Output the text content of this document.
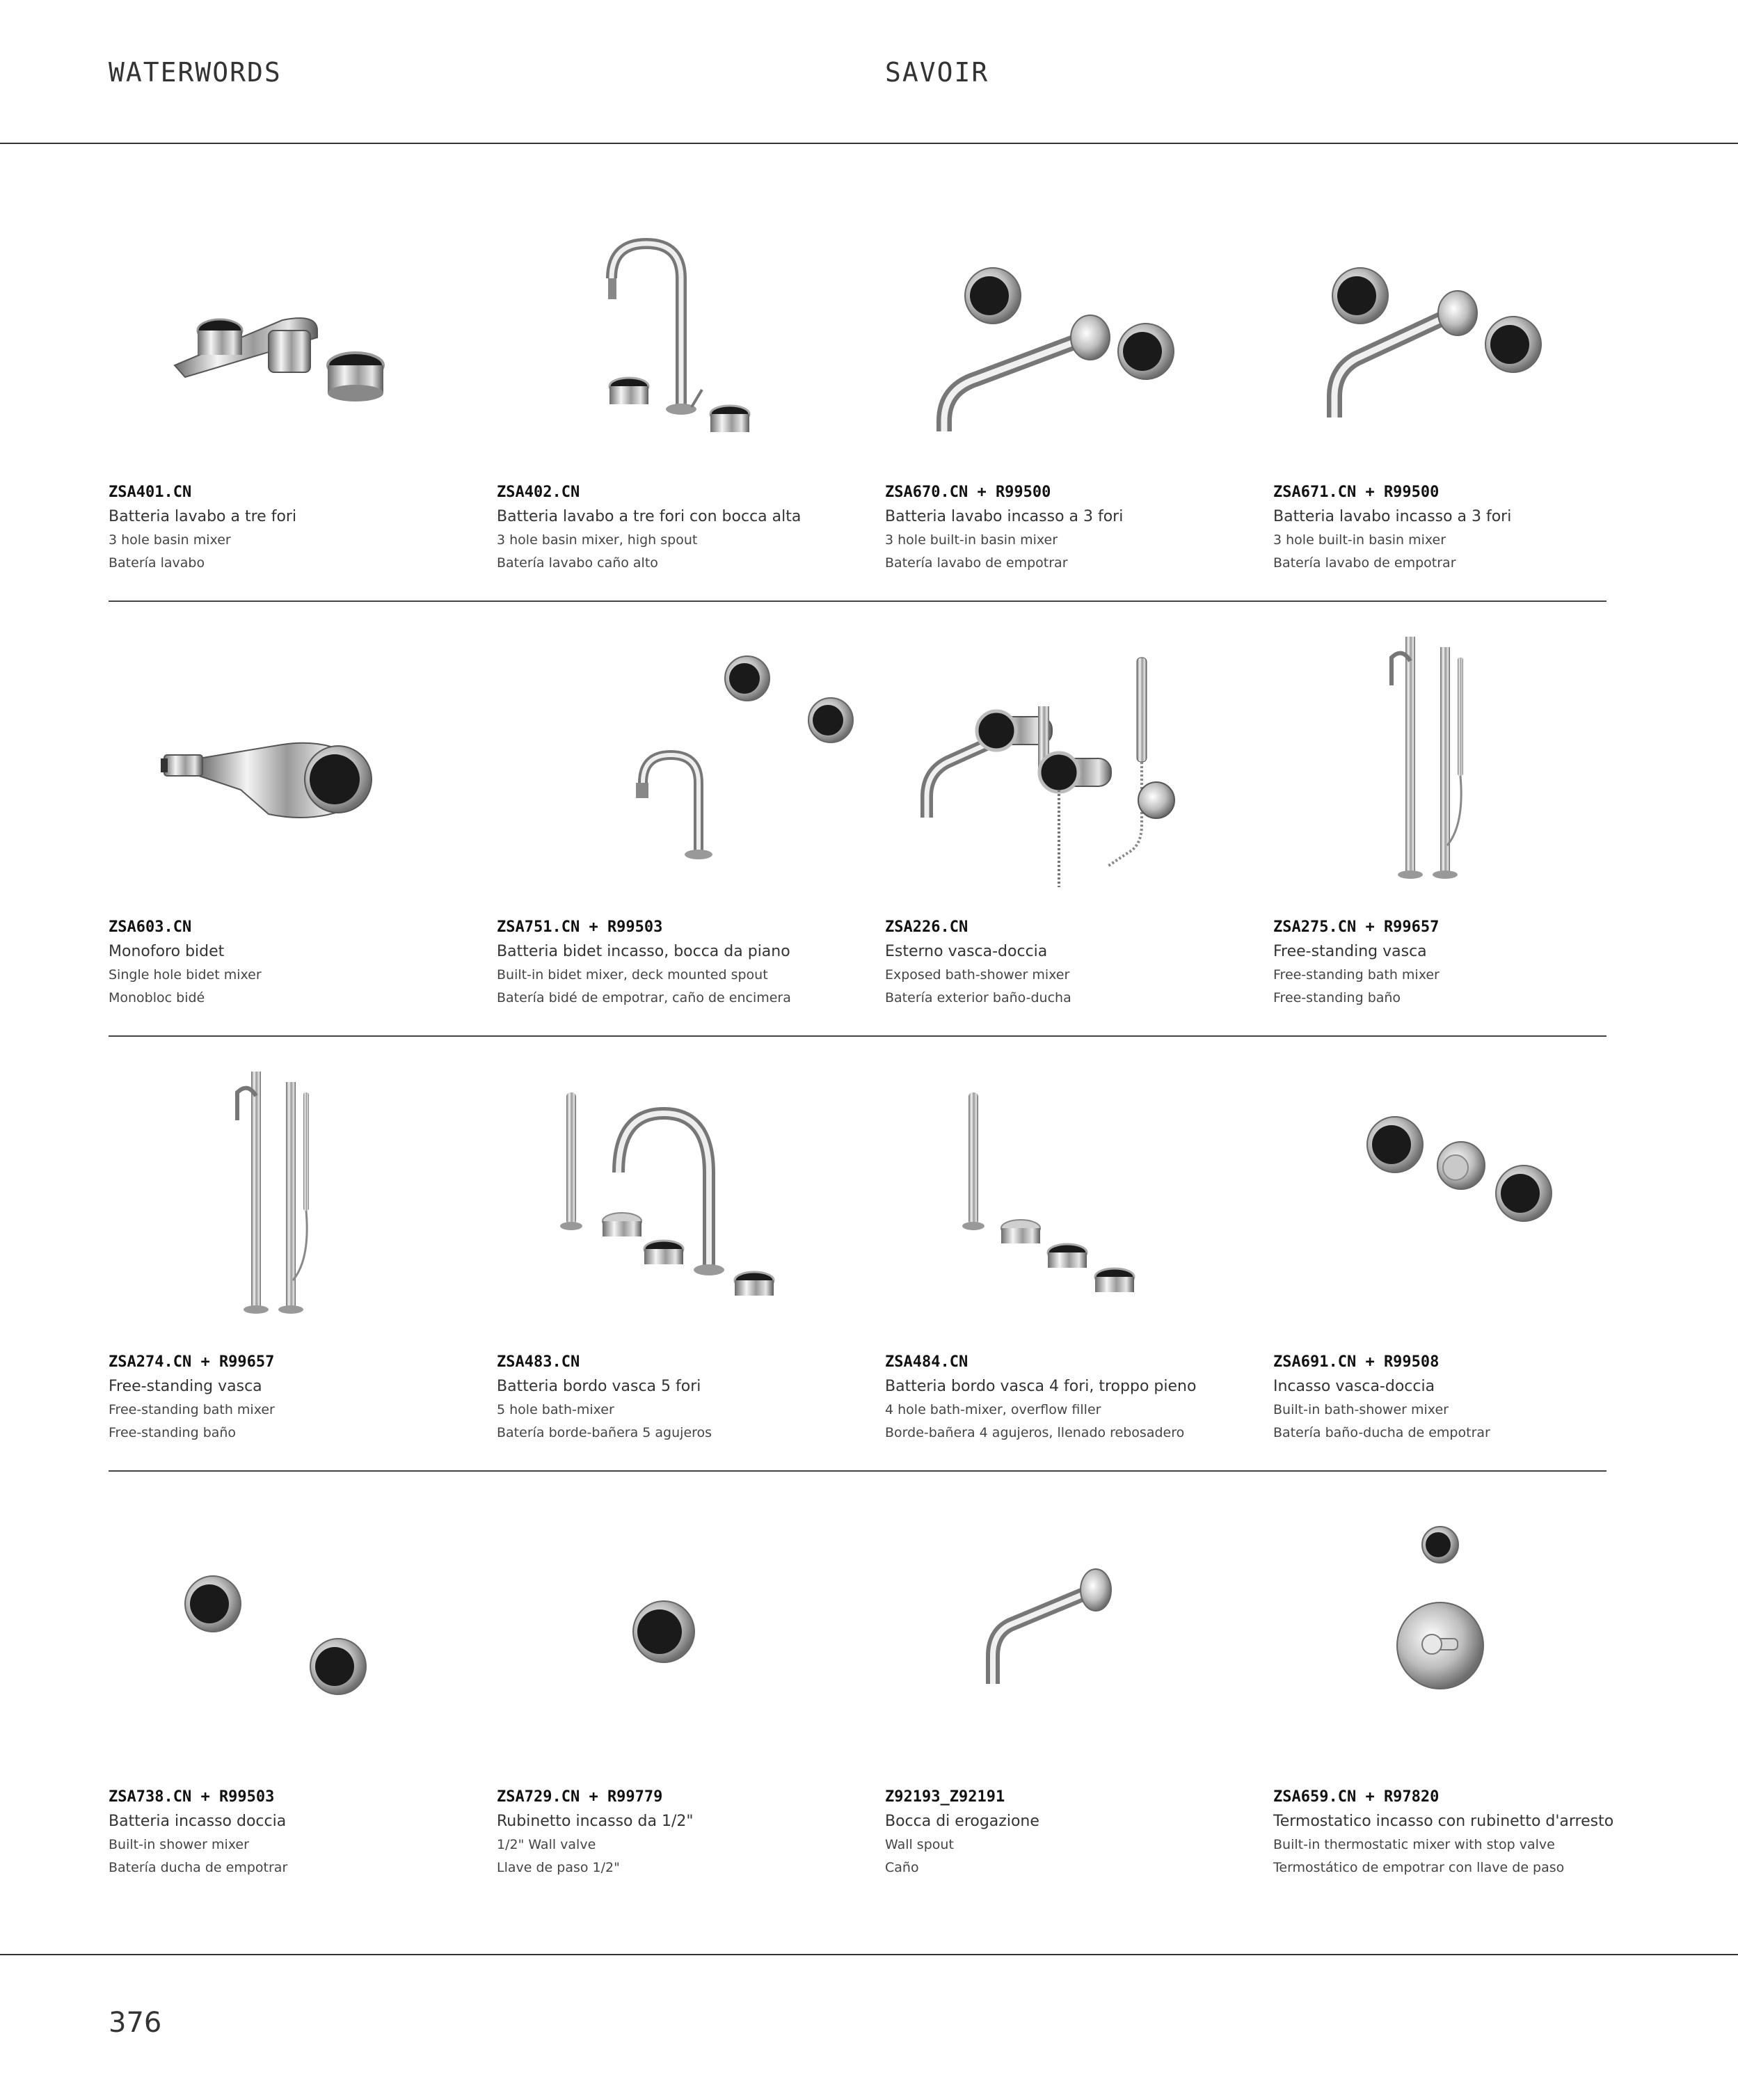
WATERWORDS	SAVOIR
ZSA401.CN
Batteria lavabo a tre fori
3 hole basin mixer
Batería lavabo
ZSA402.CN
Batteria lavabo a tre fori con bocca alta
3 hole basin mixer, high spout
Batería lavabo caño alto
ZSA670.CN + R99500
Batteria lavabo incasso a 3 fori
3 hole built-in basin mixer
Batería lavabo de empotrar
ZSA671.CN + R99500
Batteria lavabo incasso a 3 fori
3 hole built-in basin mixer
Batería lavabo de empotrar
ZSA603.CN
Monoforo bidet
Single hole bidet mixer
Monobloc bidé
ZSA751.CN + R99503
Batteria bidet incasso, bocca da piano
Built-in bidet mixer, deck mounted spout
Batería bidé de empotrar, caño de encimera
ZSA226.CN
Esterno vasca-doccia
Exposed bath-shower mixer
Batería exterior baño-ducha
ZSA275.CN + R99657
Free-standing vasca
Free-standing bath mixer
Free-standing baño
ZSA274.CN + R99657
Free-standing vasca
Free-standing bath mixer
Free-standing baño
ZSA483.CN
Batteria bordo vasca 5 fori
5 hole bath-mixer
Batería borde-bañera 5 agujeros
ZSA484.CN
Batteria bordo vasca 4 fori, troppo pieno
4 hole bath-mixer, overflow filler
Borde-bañera 4 agujeros, llenado rebosadero
ZSA691.CN + R99508
Incasso vasca-doccia
Built-in bath-shower mixer
Batería baño-ducha de empotrar
ZSA738.CN + R99503
Batteria incasso doccia
Built-in shower mixer
Batería ducha de empotrar
ZSA729.CN + R99779
Rubinetto incasso da 1/2"
1/2" Wall valve
Llave de paso 1/2"
Z92193_Z92191
Bocca di erogazione
Wall spout
Caño
ZSA659.CN + R97820
Termostatico incasso con rubinetto d'arresto
Built-in thermostatic mixer with stop valve
Termostático de empotrar con llave de paso
376
